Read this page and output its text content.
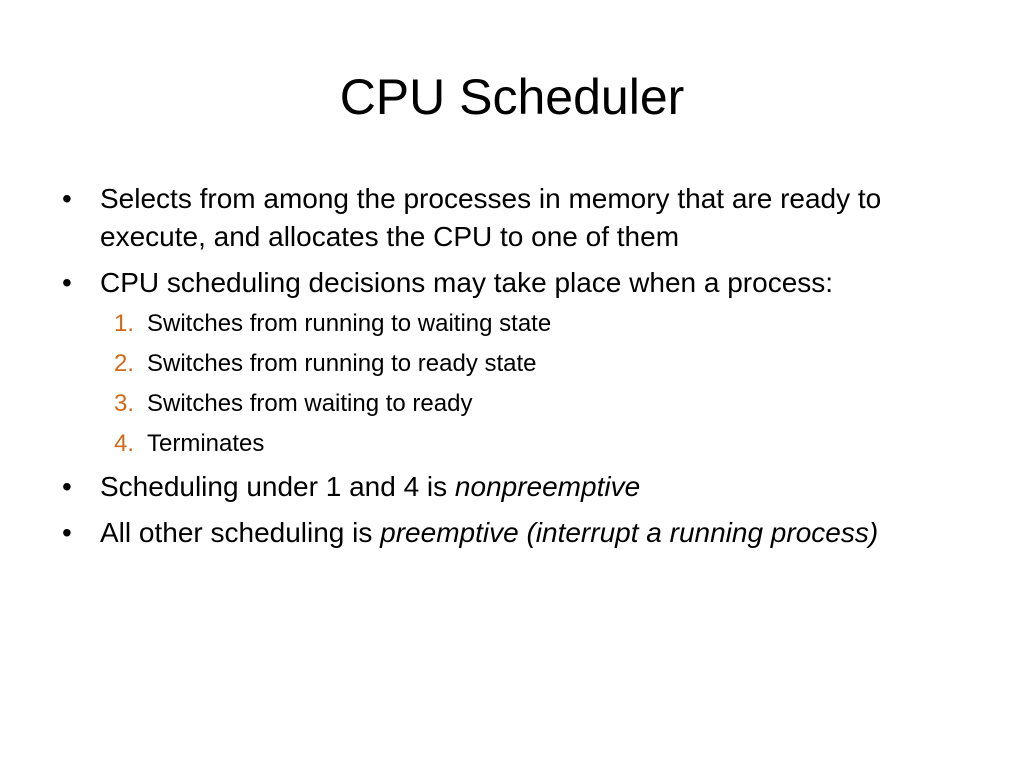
CPU Scheduler
•	Selects from among the processes in memory that are ready to execute, and allocates the CPU to one of them
•	CPU scheduling decisions may take place when a process:
1. Switches from running to waiting state
2. Switches from running to ready state
3. Switches from waiting to ready
4. Terminates
•	Scheduling under 1 and 4 is nonpreemptive
•	All other scheduling is preemptive (interrupt a running process)
